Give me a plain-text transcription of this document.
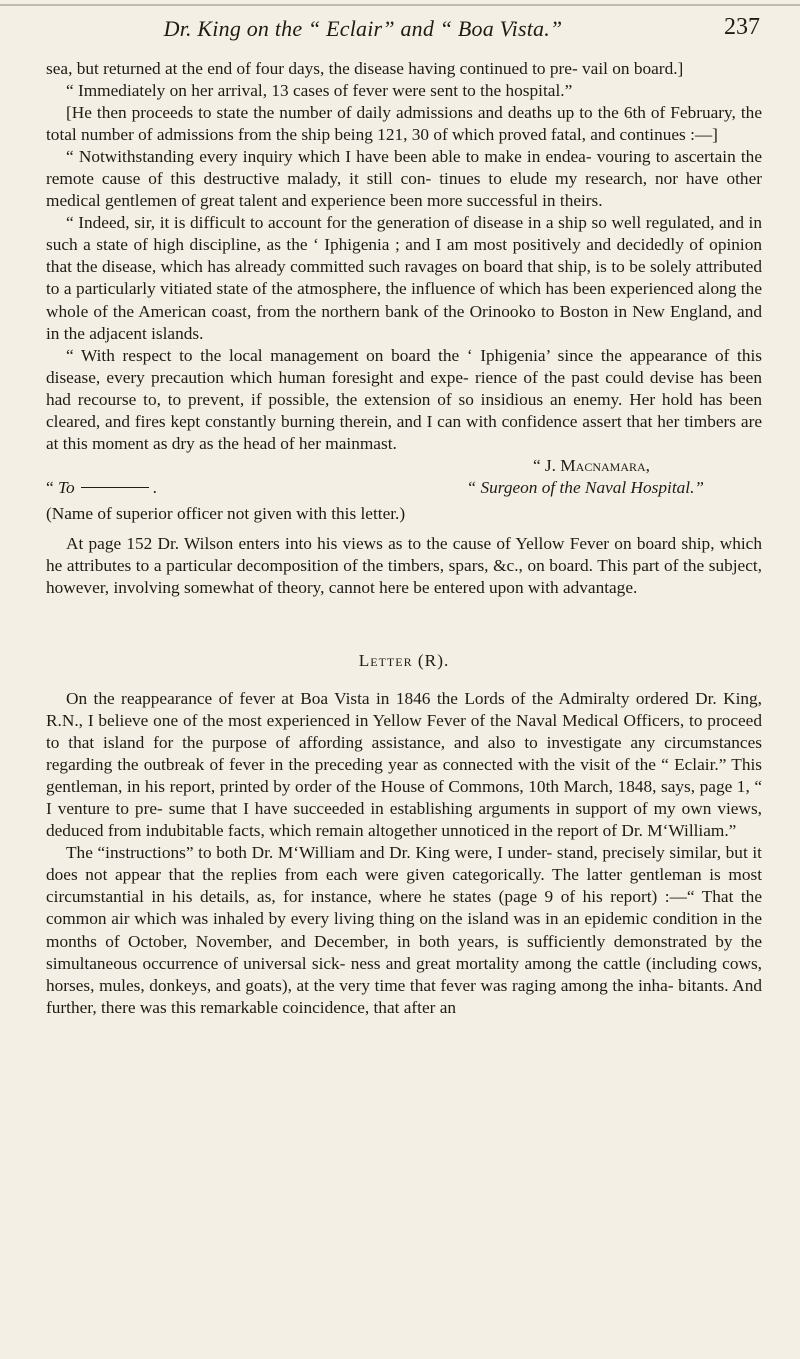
Dr. King on the “ Eclair” and “ Boa Vista.”	237

sea, but returned at the end of four days, the disease having continued to pre- vail on board.]

“ Immediately on her arrival, 13 cases of fever were sent to the hospital.”

[He then proceeds to state the number of daily admissions and deaths up to the 6th of February, the total number of admissions from the ship being 121, 30 of which proved fatal, and continues :—]

“ Notwithstanding every inquiry which I have been able to make in endea- vouring to ascertain the remote cause of this destructive malady, it still con- tinues to elude my research, nor have other medical gentlemen of great talent and experience been more successful in theirs.

“ Indeed, sir, it is difficult to account for the generation of disease in a ship so well regulated, and in such a state of high discipline, as the ‘ Iphigenia ; and I am most positively and decidedly of opinion that the disease, which has already committed such ravages on board that ship, is to be solely attributed to a particularly vitiated state of the atmosphere, the influence of which has been experienced along the whole of the American coast, from the northern bank of the Orinooko to Boston in New England, and in the adjacent islands.

“ With respect to the local management on board the ‘ Iphigenia’ since the appearance of this disease, every precaution which human foresight and expe- rience of the past could devise has been had recourse to, to prevent, if possible, the extension of so insidious an enemy. Her hold has been cleared, and fires kept constantly burning therein, and I can with confidence assert that her timbers are at this moment as dry as the head of her mainmast.

“ J. Macnamara,
“ To	.	“ Surgeon of the Naval Hospital.”

(Name of superior officer not given with this letter.)

At page 152 Dr. Wilson enters into his views as to the cause of Yellow Fever on board ship, which he attributes to a particular decomposition of the timbers, spars, &c., on board. This part of the subject, however, involving somewhat of theory, cannot here be entered upon with advantage.

Letter (R).

On the reappearance of fever at Boa Vista in 1846 the Lords of the Admiralty ordered Dr. King, R.N., I believe one of the most experienced in Yellow Fever of the Naval Medical Officers, to proceed to that island for the purpose of affording assistance, and also to investigate any circumstances regarding the outbreak of fever in the preceding year as connected with the visit of the “ Eclair.” This gentleman, in his report, printed by order of the House of Commons, 10th March, 1848, says, page 1, “ I venture to pre- sume that I have succeeded in establishing arguments in support of my own views, deduced from indubitable facts, which remain altogether unnoticed in the report of Dr. M‘William.”

The “instructions” to both Dr. M‘William and Dr. King were, I under- stand, precisely similar, but it does not appear that the replies from each were given categorically. The latter gentleman is most circumstantial in his details, as, for instance, where he states (page 9 of his report) :—“ That the common air which was inhaled by every living thing on the island was in an epidemic condition in the months of October, November, and December, in both years, is sufficiently demonstrated by the simultaneous occurrence of universal sick- ness and great mortality among the cattle (including cows, horses, mules, donkeys, and goats), at the very time that fever was raging among the inha- bitants. And further, there was this remarkable coincidence, that after an
